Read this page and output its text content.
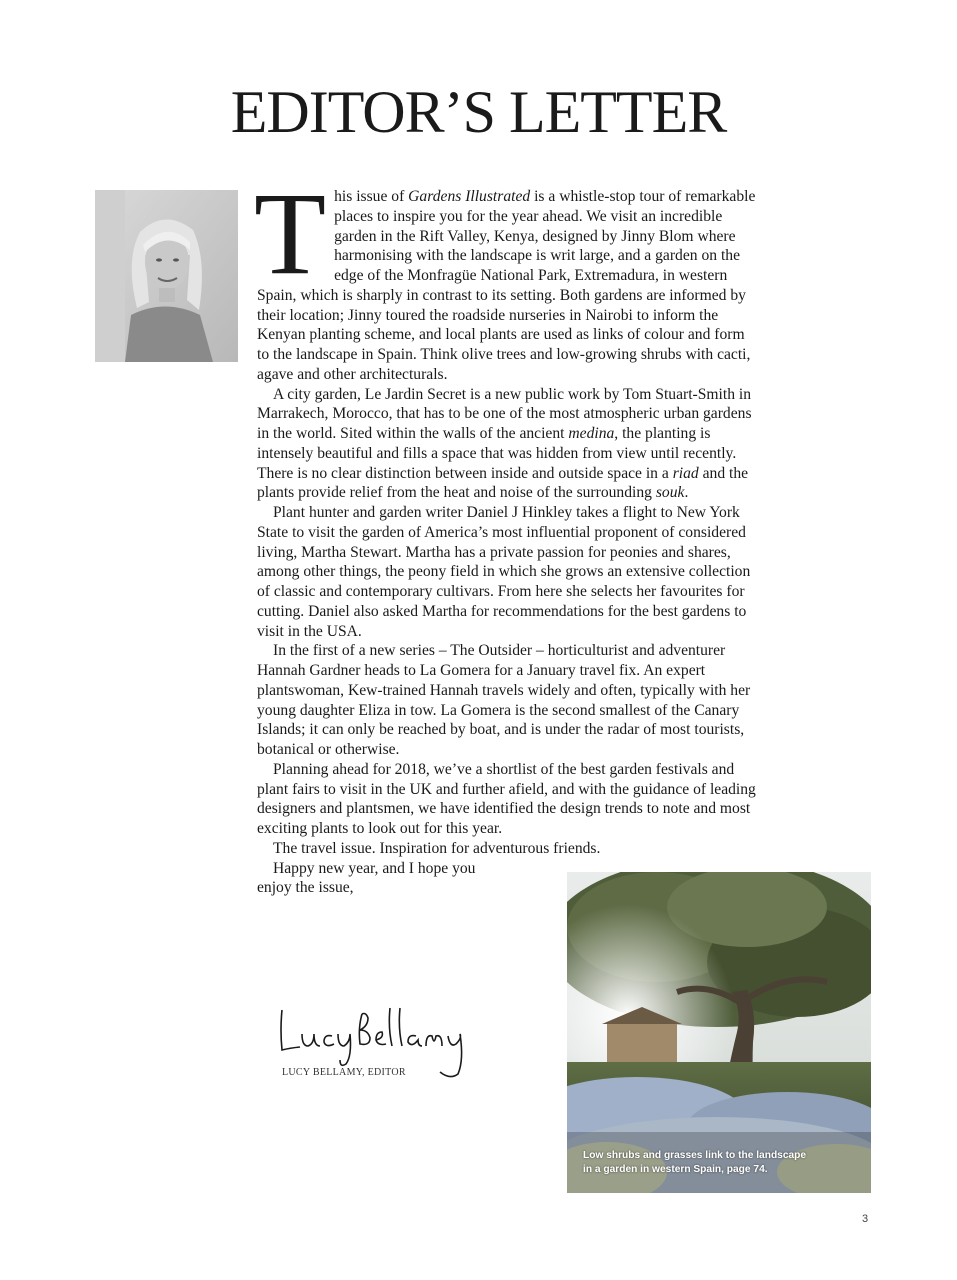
EDITOR’S LETTER

This issue of Gardens Illustrated is a whistle-stop tour of remarkable places to inspire you for the year ahead. We visit an incredible garden in the Rift Valley, Kenya, designed by Jinny Blom where harmonising with the landscape is writ large, and a garden on the edge of the Monfragüe National Park, Extremadura, in western Spain, which is sharply in contrast to its setting. Both gardens are informed by their location; Jinny toured the roadside nurseries in Nairobi to inform the Kenyan planting scheme, and local plants are used as links of colour and form to the landscape in Spain. Think olive trees and low-growing shrubs with cacti, agave and other architecturals.

A city garden, Le Jardin Secret is a new public work by Tom Stuart-Smith in Marrakech, Morocco, that has to be one of the most atmospheric urban gardens in the world. Sited within the walls of the ancient medina, the planting is intensely beautiful and fills a space that was hidden from view until recently. There is no clear distinction between inside and outside space in a riad and the plants provide relief from the heat and noise of the surrounding souk.

Plant hunter and garden writer Daniel J Hinkley takes a flight to New York State to visit the garden of America’s most influential proponent of considered living, Martha Stewart. Martha has a private passion for peonies and shares, among other things, the peony field in which she grows an extensive collection of classic and contemporary cultivars. From here she selects her favourites for cutting. Daniel also asked Martha for recommendations for the best gardens to visit in the USA.

In the first of a new series – The Outsider – horticulturist and adventurer Hannah Gardner heads to La Gomera for a January travel fix. An expert plantswoman, Kew-trained Hannah travels widely and often, typically with her young daughter Eliza in tow. La Gomera is the second smallest of the Canary Islands; it can only be reached by boat, and is under the radar of most tourists, botanical or otherwise.

Planning ahead for 2018, we’ve a shortlist of the best garden festivals and plant fairs to visit in the UK and further afield, and with the guidance of leading designers and plantsmen, we have identified the design trends to note and most exciting plants to look out for this year.

The travel issue. Inspiration for adventurous friends.

Happy new year, and I hope you enjoy the issue,

LUCY BELLAMY, EDITOR
Low shrubs and grasses link to the landscape
in a garden in western Spain, page 74.
3
